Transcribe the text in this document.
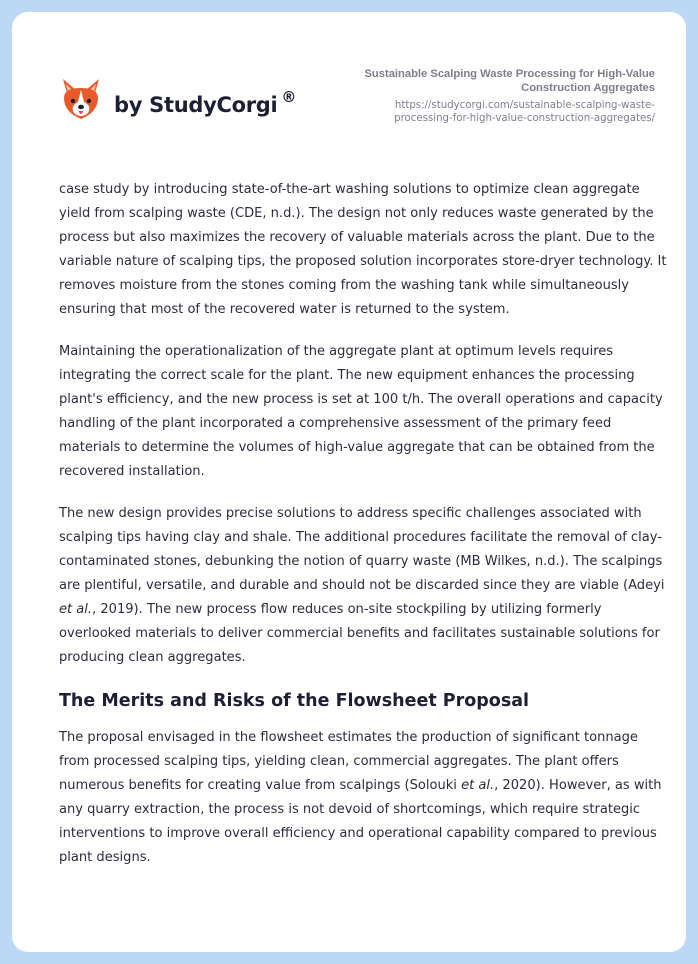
by StudyCorgi ®
Sustainable Scalping Waste Processing for High-Value
Construction Aggregates
https://studycorgi.com/sustainable-scalping-waste-
processing-for-high-value-construction-aggregates/

case study by introducing state-of-the-art washing solutions to optimize clean aggregate yield from scalping waste (CDE, n.d.). The design not only reduces waste generated by the process but also maximizes the recovery of valuable materials across the plant. Due to the variable nature of scalping tips, the proposed solution incorporates store-dryer technology. It removes moisture from the stones coming from the washing tank while simultaneously ensuring that most of the recovered water is returned to the system.

Maintaining the operationalization of the aggregate plant at optimum levels requires integrating the correct scale for the plant. The new equipment enhances the processing plant's efficiency, and the new process is set at 100 t/h. The overall operations and capacity handling of the plant incorporated a comprehensive assessment of the primary feed materials to determine the volumes of high-value aggregate that can be obtained from the recovered installation.

The new design provides precise solutions to address specific challenges associated with scalping tips having clay and shale. The additional procedures facilitate the removal of clay-contaminated stones, debunking the notion of quarry waste (MB Wilkes, n.d.). The scalpings are plentiful, versatile, and durable and should not be discarded since they are viable (Adeyi et al., 2019). The new process flow reduces on-site stockpiling by utilizing formerly overlooked materials to deliver commercial benefits and facilitates sustainable solutions for producing clean aggregates.

The Merits and Risks of the Flowsheet Proposal

The proposal envisaged in the flowsheet estimates the production of significant tonnage from processed scalping tips, yielding clean, commercial aggregates. The plant offers numerous benefits for creating value from scalpings (Solouki et al., 2020). However, as with any quarry extraction, the process is not devoid of shortcomings, which require strategic interventions to improve overall efficiency and operational capability compared to previous plant designs.
